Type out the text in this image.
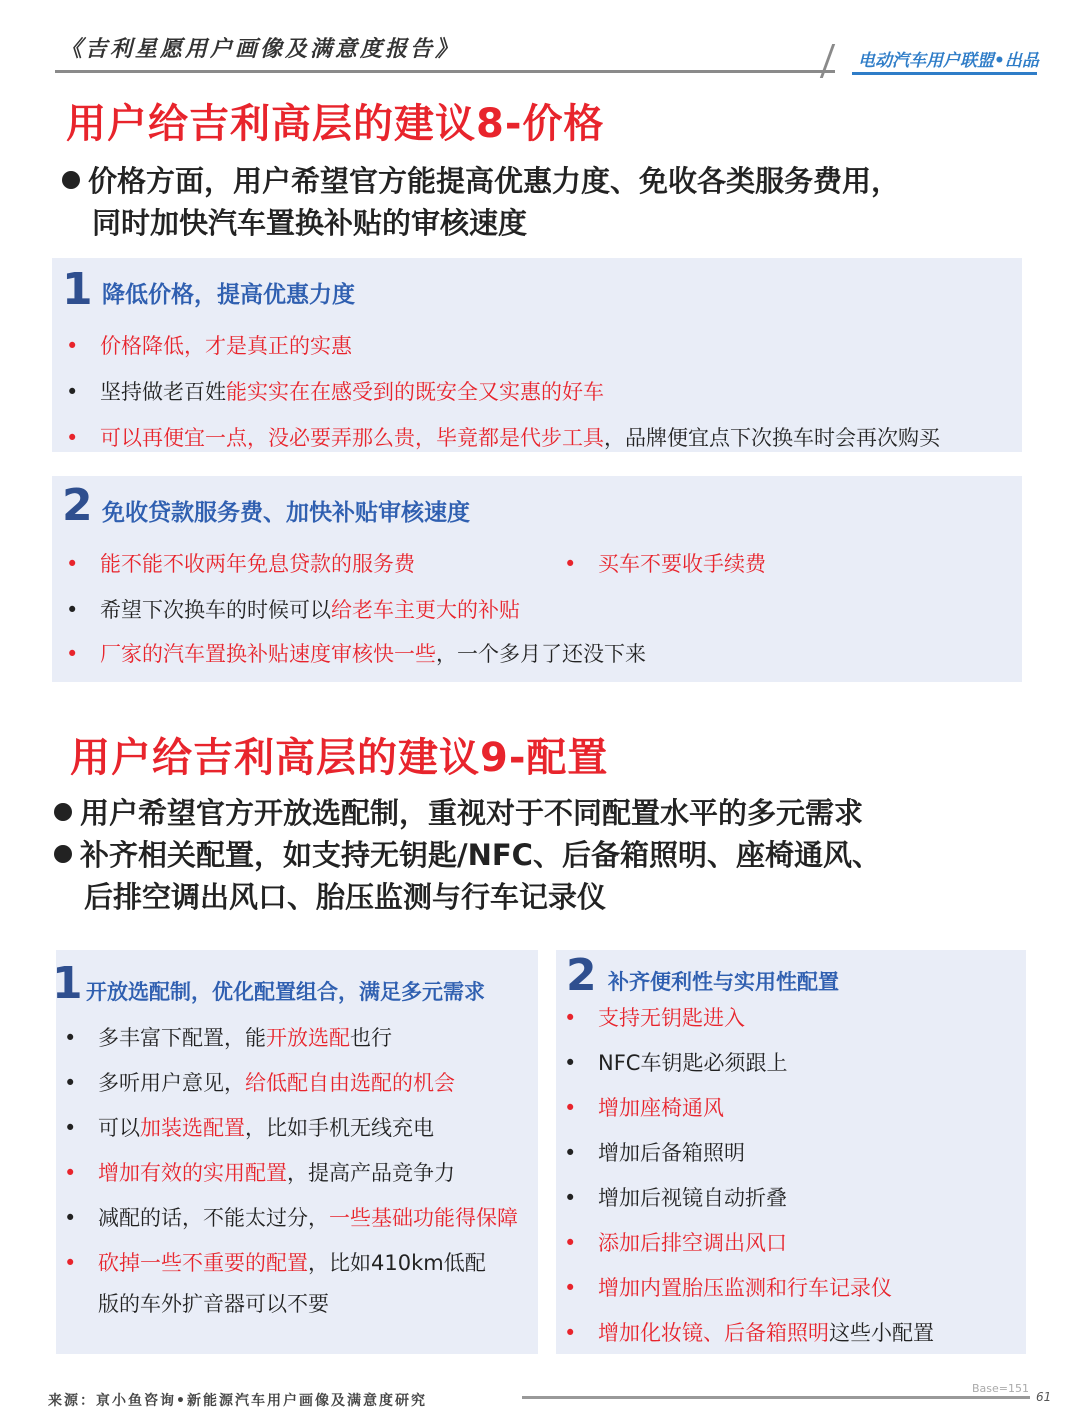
《吉利星愿用户画像及满意度报告》	电动汽车用户联盟•出品
用户给吉利高层的建议8-价格
价格方面，用户希望官方能提高优惠力度、免收各类服务费用，
同时加快汽车置换补贴的审核速度
1 降低价格，提高优惠力度
• 价格降低，才是真正的实惠
• 坚持做老百姓能实实在在感受到的既安全又实惠的好车
• 可以再便宜一点，没必要弄那么贵，毕竟都是代步工具，品牌便宜点下次换车时会再次购买
2 免收贷款服务费、加快补贴审核速度
• 能不能不收两年免息贷款的服务费	• 买车不要收手续费
• 希望下次换车的时候可以给老车主更大的补贴
• 厂家的汽车置换补贴速度审核快一些，一个多月了还没下来
用户给吉利高层的建议9-配置
用户希望官方开放选配制，重视对于不同配置水平的多元需求
补齐相关配置，如支持无钥匙/NFC、后备箱照明、座椅通风、
后排空调出风口、胎压监测与行车记录仪
1 开放选配制，优化配置组合，满足多元需求
• 多丰富下配置，能开放选配也行
• 多听用户意见，给低配自由选配的机会
• 可以加装选配置，比如手机无线充电
• 增加有效的实用配置，提高产品竞争力
• 减配的话，不能太过分，一些基础功能得保障
• 砍掉一些不重要的配置，比如410km低配
版的车外扩音器可以不要
2 补齐便利性与实用性配置
• 支持无钥匙进入
• NFC车钥匙必须跟上
• 增加座椅通风
• 增加后备箱照明
• 增加后视镜自动折叠
• 添加后排空调出风口
• 增加内置胎压监测和行车记录仪
• 增加化妆镜、后备箱照明这些小配置
来源：亰小鱼咨询•新能源汽车用户画像及满意度研究
Base=151
61
